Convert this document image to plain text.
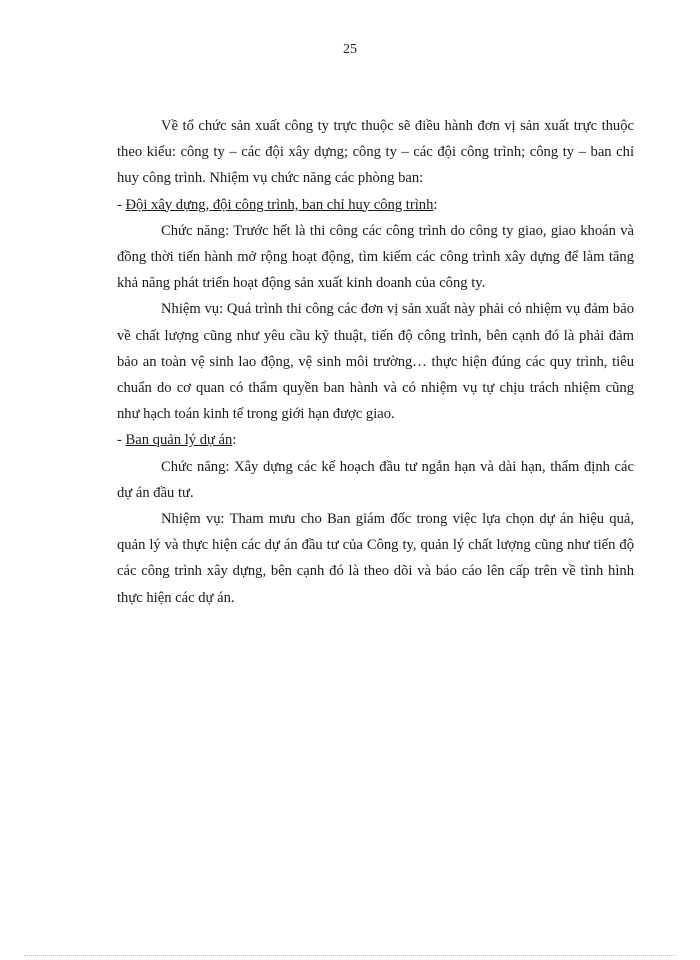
25

Về tổ chức sản xuất công ty trực thuộc sẽ điều hành đơn vị sản xuất trực thuộc theo kiểu: công ty – các đội xây dựng; công ty – các đội công trình; công ty – ban chỉ huy công trình. Nhiệm vụ chức năng các phòng ban:

- Đội xây dựng, đội công trình, ban chỉ huy công trình:

Chức năng: Trước hết là thi công các công trình do công ty giao, giao khoán và đồng thời tiến hành mở rộng hoạt động, tìm kiếm các công trình xây dựng để làm tăng khả năng phát triển hoạt động sản xuất kinh doanh của công ty.

Nhiệm vụ: Quá trình thi công các đơn vị sản xuất này phải có nhiệm vụ đảm bảo về chất lượng cũng như yêu cầu kỹ thuật, tiến độ công trình, bên cạnh đó là phải đảm bảo an toàn vệ sinh lao động, vệ sinh môi trường… thực hiện đúng các quy trình, tiêu chuẩn do cơ quan có thẩm quyền ban hành và có nhiệm vụ tự chịu trách nhiệm cũng như hạch toán kinh tế trong giới hạn được giao.

- Ban quản lý dự án:

Chức năng: Xây dựng các kế hoạch đầu tư ngắn hạn và dài hạn, thẩm định các dự án đầu tư.

Nhiệm vụ: Tham mưu cho Ban giám đốc trong việc lựa chọn dự án hiệu quả, quản lý và thực hiện các dự án đầu tư của Công ty, quản lý chất lượng cũng như tiến độ các công trình xây dựng, bên cạnh đó là theo dõi và báo cáo lên cấp trên về tình hình thực hiện các dự án.
